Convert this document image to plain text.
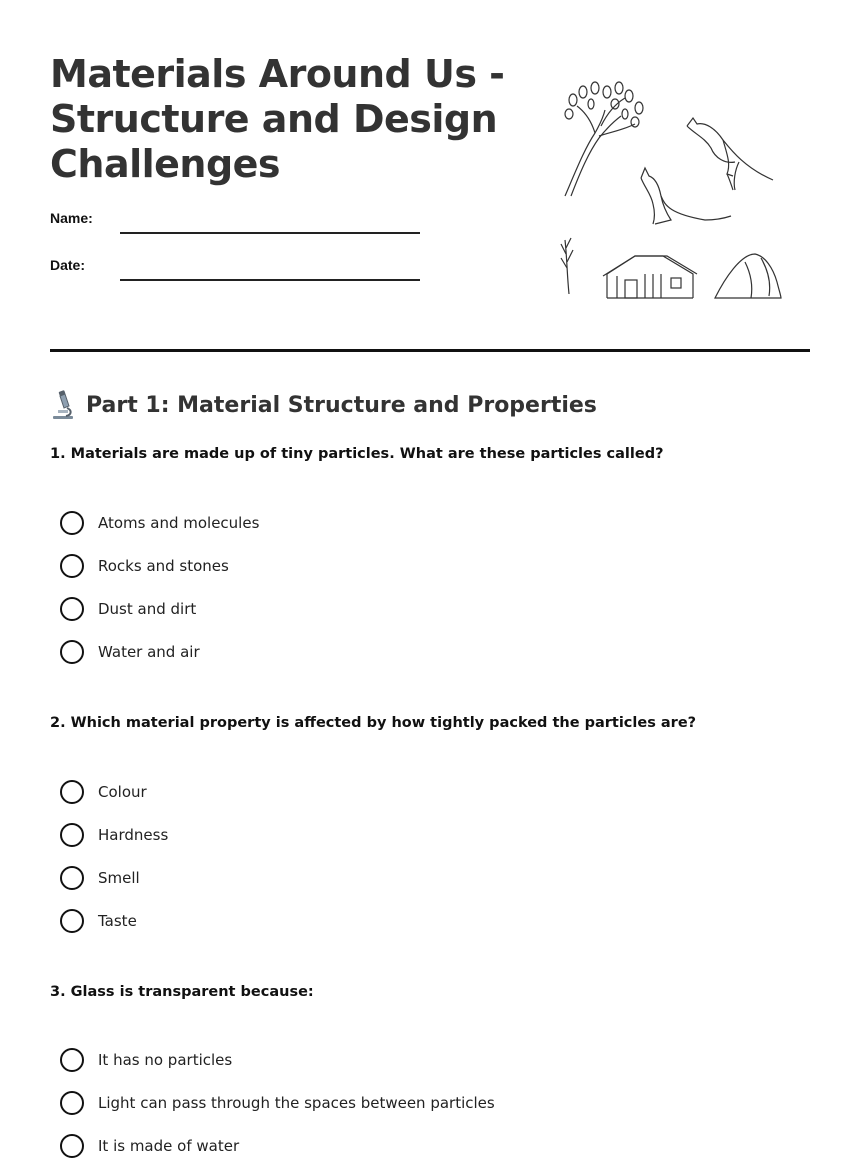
Materials Around Us - Structure and Design Challenges
Name:
Date:
Part 1: Material Structure and Properties

1. Materials are made up of tiny particles. What are these particles called?

Atoms and molecules
Rocks and stones
Dust and dirt
Water and air

2. Which material property is affected by how tightly packed the particles are?

Colour
Hardness
Smell
Taste

3. Glass is transparent because:

It has no particles
Light can pass through the spaces between particles
It is made of water
